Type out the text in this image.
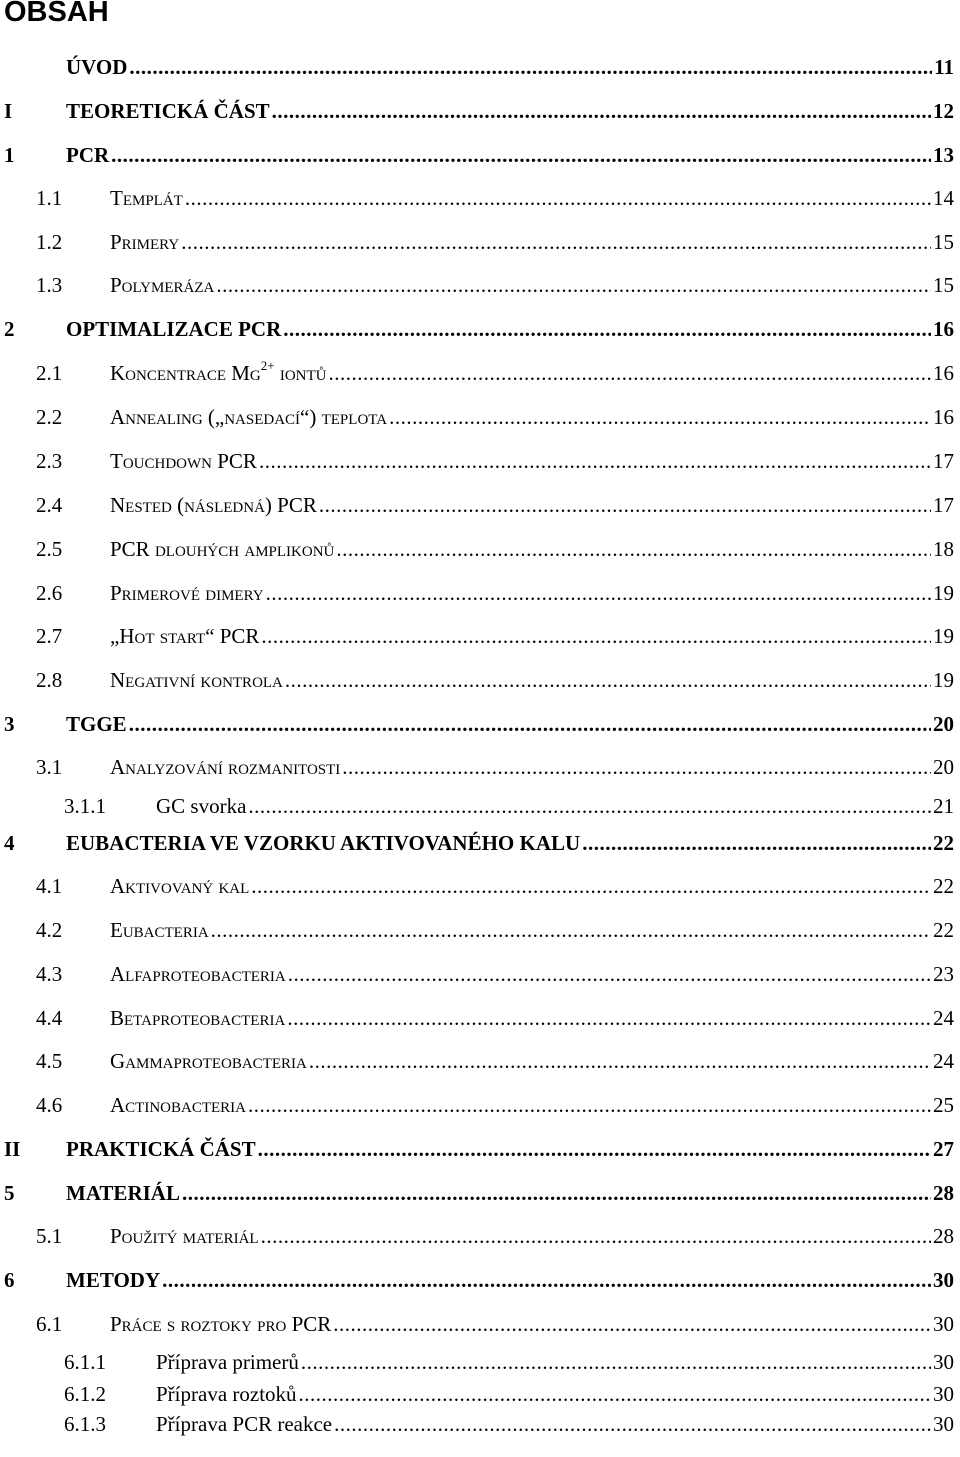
OBSAH
ÚVOD .....	11
I	TEORETICKÁ ČÁST .....	12
1	PCR .....	13
1.1	Templát .....	14
1.2	Primery .....	15
1.3	Polymeráza .....	15
2	OPTIMALIZACE PCR .....	16
2.1	Koncentrace $Mg^{2+}$ iontů .....	16
2.2	Annealing („nasedací“) teplota .....	16
2.3	Touchdown PCR .....	17
2.4	Nested (následná) PCR .....	17
2.5	PCR dlouhých amplikonů .....	18
2.6	Primerové dimery .....	19
2.7	„Hot start“ PCR .....	19
2.8	Negativní kontrola .....	19
3	TGGE .....	20
3.1	Analyzování rozmanitosti .....	20
3.1.1	GC svorka .....	21
4	EUBACTERIA VE VZORKU AKTIVOVANÉHO KALU .....	22
4.1	Aktivovaný kal .....	22
4.2	Eubacteria .....	22
4.3	Alfaproteobacteria .....	23
4.4	Betaproteobacteria .....	24
4.5	Gammaproteobacteria .....	24
4.6	Actinobacteria .....	25
II	PRAKTICKÁ ČÁST .....	27
5	MATERIÁL .....	28
5.1	Použitý materiál .....	28
6	METODY .....	30
6.1	Práce s roztoky pro PCR .....	30
6.1.1	Příprava primerů .....	30
6.1.2	Příprava roztoků .....	30
6.1.3	Příprava PCR reakce .....	30
